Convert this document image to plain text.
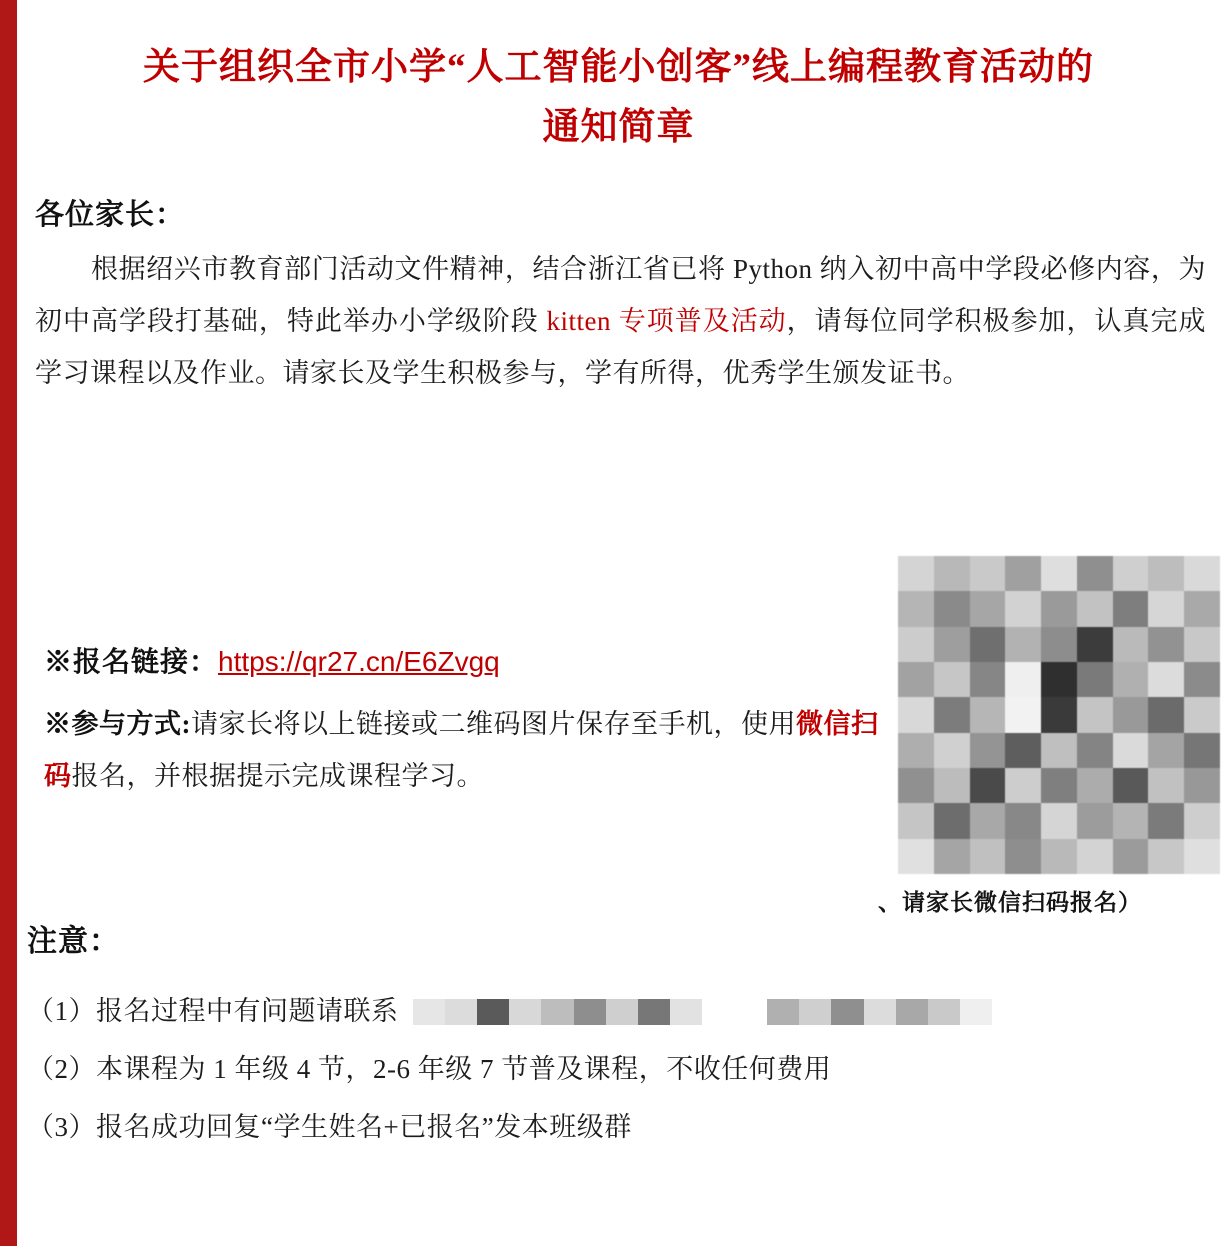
关于组织全市小学“人工智能小创客”线上编程教育活动的
通知简章
各位家长：
根据绍兴市教育部门活动文件精神，结合浙江省已将 Python 纳入初中高中学段必修内容，为初中高学段打基础，特此举办小学级阶段 kitten 专项普及活动，请每位同学积极参加，认真完成学习课程以及作业。请家长及学生积极参与，学有所得，优秀学生颁发证书。
※报名链接：https://qr27.cn/E6Zvgq
※参与方式:请家长将以上链接或二维码图片保存至手机，使用微信扫码报名，并根据提示完成课程学习。
、请家长微信扫码报名）
注意：
（1）报名过程中有问题请联系
（2）本课程为 1 年级 4 节，2-6 年级 7 节普及课程，不收任何费用
（3）报名成功回复“学生姓名+已报名”发本班级群
